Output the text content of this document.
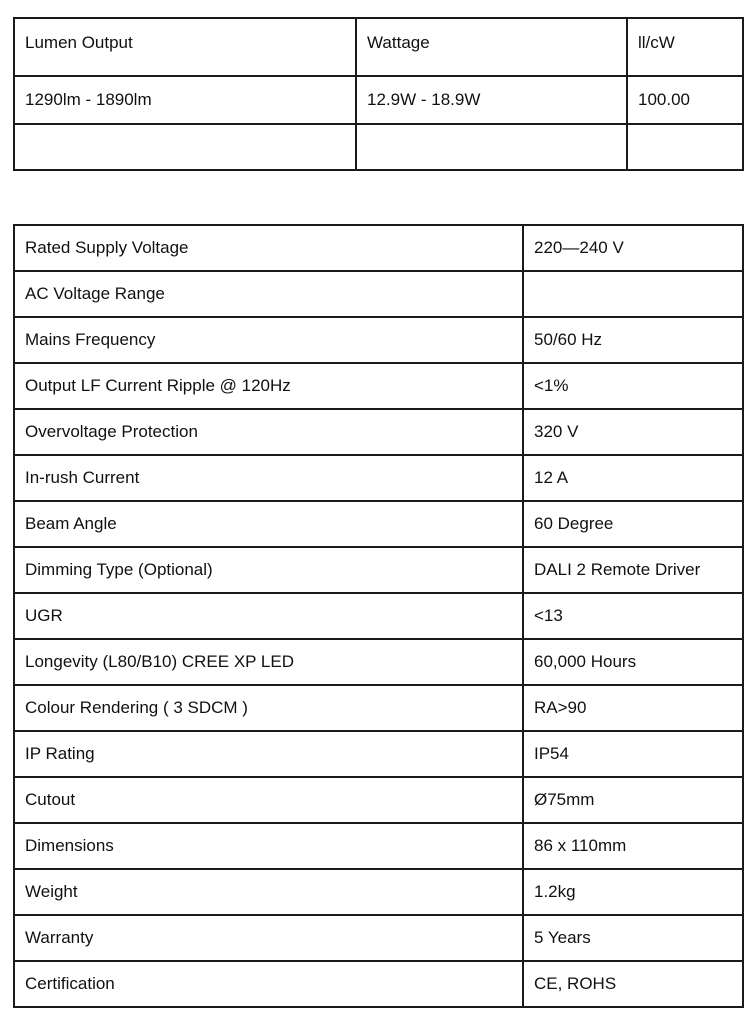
Lumen Output	Wattage	ll/cW
1290lm - 1890lm	12.9W - 18.9W	100.00

Rated Supply Voltage	220—240 V
AC Voltage Range	
Mains Frequency	50/60 Hz
Output LF Current Ripple @ 120Hz	<1%
Overvoltage Protection	320 V
In-rush Current	12 A
Beam Angle	60 Degree
Dimming Type (Optional)	DALI 2 Remote Driver
UGR	<13
Longevity (L80/B10) CREE XP LED	60,000 Hours
Colour Rendering ( 3 SDCM )	RA>90
IP Rating	IP54
Cutout	Ø75mm
Dimensions	86 x 110mm
Weight	1.2kg
Warranty	5 Years
Certification	CE, ROHS
